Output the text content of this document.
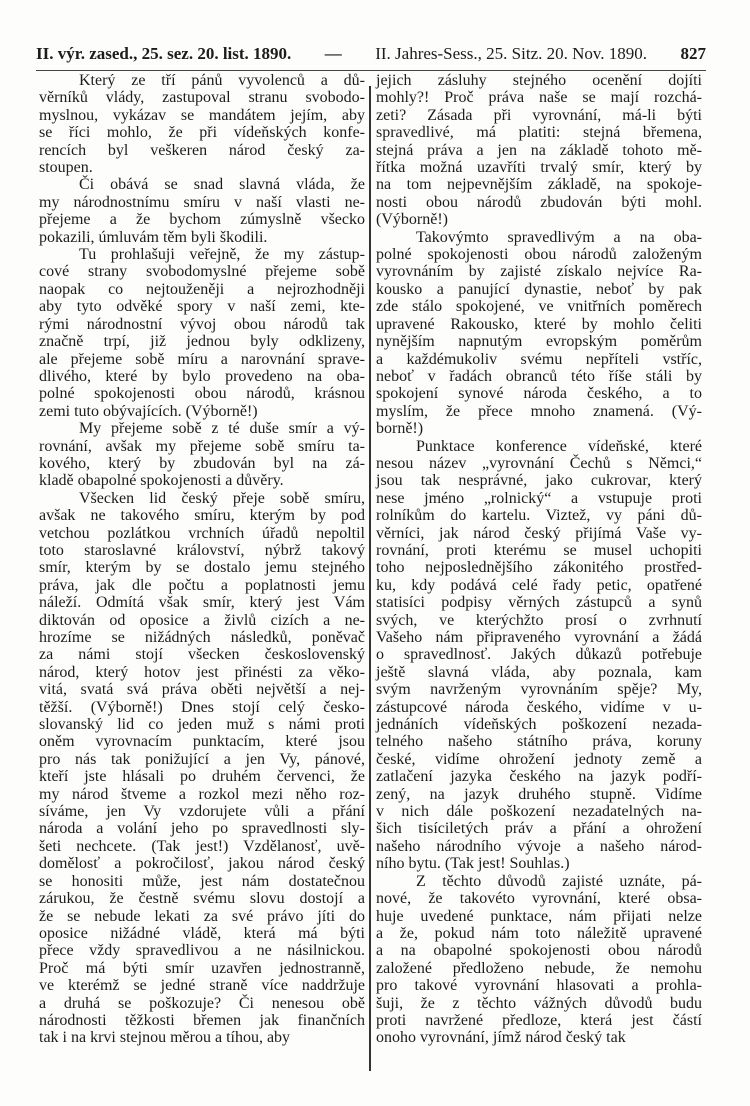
II. výr. zased., 25. sez. 20. list. 1890. — II. Jahres-Sess., 25. Sitz. 20. Nov. 1890. 827
Který ze tří pánů vyvolenců a dů-
věrníků vlády, zastupoval stranu svobodo-
myslnou, vykázav se mandátem jejím, aby
se říci mohlo, že při vídeňských konfe-
rencích byl veškeren národ český za-
stoupen.
Či obává se snad slavná vláda, že
my národnostnímu smíru v naší vlasti ne-
přejeme a že bychom zúmyslně všecko
pokazili, úmluvám těm byli škodili.
Tu prohlašuji veřejně, že my zástup-
cové strany svobodomyslné přejeme sobě
naopak co nejtouženěji a nejrozhodněji
aby tyto odvěké spory v naší zemi, kte-
rými národnostní vývoj obou národů tak
značně trpí, již jednou byly odklizeny,
ale přejeme sobě míru a narovnání sprave-
dlivého, které by bylo provedeno na oba-
polné spokojenosti obou národů, krásnou
zemi tuto obývajících. (Výborně!)
My přejeme sobě z té duše smír a vý-
rovnání, avšak my přejeme sobě smíru ta-
kového, který by zbudován byl na zá-
kladě obapolné spokojenosti a důvěry.
Všecken lid český přeje sobě smíru,
avšak ne takového smíru, kterým by pod
vetchou pozlátkou vrchních úřadů nepoltil
toto staroslavné království, nýbrž takový
smír, kterým by se dostalo jemu stejného
práva, jak dle počtu a poplatnosti jemu
náleží. Odmítá však smír, který jest Vám
diktován od oposice a živlů cizích a ne-
hrozíme se nižádných následků, poněvač
za námi stojí všecken československý
národ, který hotov jest přinésti za věko-
vitá, svatá svá práva oběti největší a nej-
těžší. (Výborně!) Dnes stojí celý česko-
slovanský lid co jeden muž s námi proti
oněm vyrovnacím punktacím, které jsou
pro nás tak ponižující a jen Vy, pánové,
kteří jste hlásali po druhém červenci, že
my národ štveme a rozkol mezi něho roz-
síváme, jen Vy vzdorujete vůli a přání
národa a volání jeho po spravedlnosti sly-
šeti nechcete. (Tak jest!) Vzdělanosť, uvě-
domělosť a pokročilosť, jakou národ český
se honositi může, jest nám dostatečnou
zárukou, že čestně svému slovu dostojí a
že se nebude lekati za své právo jíti do
oposice nižádné vládě, která má býti
přece vždy spravedlivou a ne násilnickou.
Proč má býti smír uzavřen jednostranně,
ve kterémž se jedné straně více naddržuje
a druhá se poškozuje? Či nenesou obě
národnosti těžkosti břemen jak finančních
tak i na krvi stejnou měrou a tíhou, aby
jejich zásluhy stejného ocenění dojíti
mohly?! Proč práva naše se mají rozchá-
zeti? Zásada při vyrovnání, má-li býti
spravedlivé, má platiti: stejná břemena,
stejná práva a jen na základě tohoto mě-
řítka možná uzavříti trvalý smír, který by
na tom nejpevnějším základě, na spokoje-
nosti obou národů zbudován býti mohl.
(Výborně!)
Takovýmto spravedlivým a na oba-
polné spokojenosti obou národů založeným
vyrovnáním by zajisté získalo nejvíce Ra-
kousko a panující dynastie, neboť by pak
zde stálo spokojené, ve vnitřních poměrech
upravené Rakousko, které by mohlo čeliti
nynějším napnutým evropským poměrům
a každémukoliv svému nepříteli vstříc,
neboť v řadách obranců této říše stáli by
spokojení synové národa českého, a to
myslím, že přece mnoho znamená. (Vý-
borně!)
Punktace konference vídeňské, které
nesou název „vyrovnání Čechů s Němci,“
jsou tak nesprávné, jako cukrovar, který
nese jméno „rolnický“ a vstupuje proti
rolníkům do kartelu. Viztež, vy páni dů-
věrníci, jak národ český přijímá Vaše vy-
rovnání, proti kterému se musel uchopiti
toho nejposlednějšího zákonitého prostřed-
ku, kdy podává celé řady petic, opatřené
statisíci podpisy věrných zástupců a synů
svých, ve kterýchžto prosí o zvrhnutí
Vašeho nám připraveného vyrovnání a žádá
o spravedlnosť. Jakých důkazů potřebuje
ještě slavná vláda, aby poznala, kam
svým navrženým vyrovnáním spěje? My,
zástupcové národa českého, vidíme v u-
jednáních vídeňských poškození nezada-
telného našeho státního práva, koruny
české, vidíme ohrožení jednoty země a
zatlačení jazyka českého na jazyk podří-
zený, na jazyk druhého stupně. Vidíme
v nich dále poškození nezadatelných na-
šich tisíciletých práv a přání a ohrožení
našeho národního vývoje a našeho národ-
ního bytu. (Tak jest! Souhlas.)
Z těchto důvodů zajisté uznáte, pá-
nové, že takovéto vyrovnání, které obsa-
huje uvedené punktace, nám přijati nelze
a že, pokud nám toto náležitě upravené
a na obapolné spokojenosti obou národů
založené předloženo nebude, že nemohu
pro takové vyrovnání hlasovati a prohla-
šuji, že z těchto vážných důvodů budu
proti navržené předloze, která jest částí
onoho vyrovnání, jímž národ český tak
